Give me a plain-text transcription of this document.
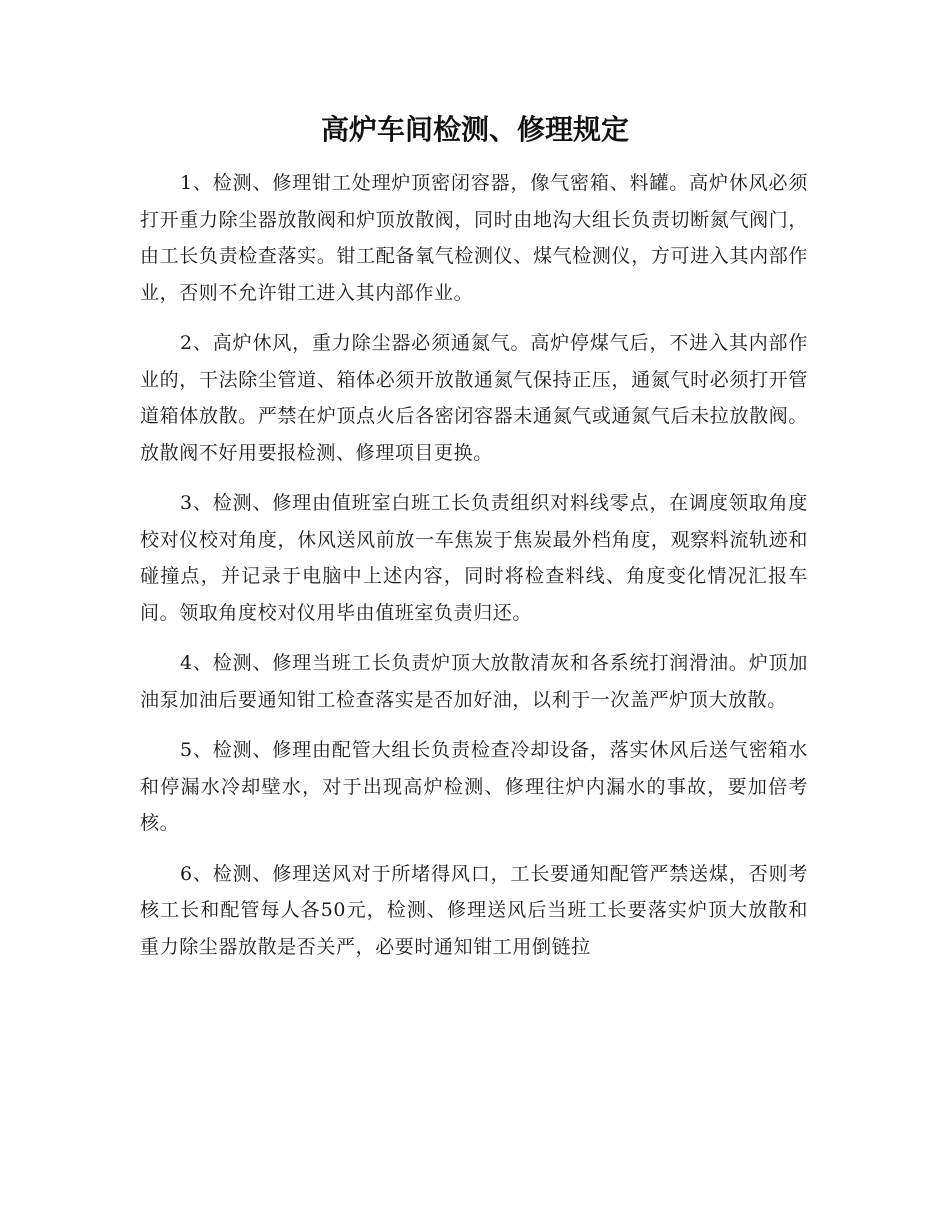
高炉车间检测、修理规定

1、检测、修理钳工处理炉顶密闭容器，像气密箱、料罐。高炉休风必须打开重力除尘器放散阀和炉顶放散阀，同时由地沟大组长负责切断氮气阀门，由工长负责检查落实。钳工配备氧气检测仪、煤气检测仪，方可进入其内部作业，否则不允许钳工进入其内部作业。

2、高炉休风，重力除尘器必须通氮气。高炉停煤气后，不进入其内部作业的，干法除尘管道、箱体必须开放散通氮气保持正压，通氮气时必须打开管道箱体放散。严禁在炉顶点火后各密闭容器未通氮气或通氮气后未拉放散阀。放散阀不好用要报检测、修理项目更换。

3、检测、修理由值班室白班工长负责组织对料线零点，在调度领取角度校对仪校对角度，休风送风前放一车焦炭于焦炭最外档角度，观察料流轨迹和碰撞点，并记录于电脑中上述内容，同时将检查料线、角度变化情况汇报车间。领取角度校对仪用毕由值班室负责归还。

4、检测、修理当班工长负责炉顶大放散清灰和各系统打润滑油。炉顶加油泵加油后要通知钳工检查落实是否加好油，以利于一次盖严炉顶大放散。

5、检测、修理由配管大组长负责检查冷却设备，落实休风后送气密箱水和停漏水冷却壁水，对于出现高炉检测、修理往炉内漏水的事故，要加倍考核。

6、检测、修理送风对于所堵得风口，工长要通知配管严禁送煤，否则考核工长和配管每人各50元，检测、修理送风后当班工长要落实炉顶大放散和重力除尘器放散是否关严，必要时通知钳工用倒链拉
